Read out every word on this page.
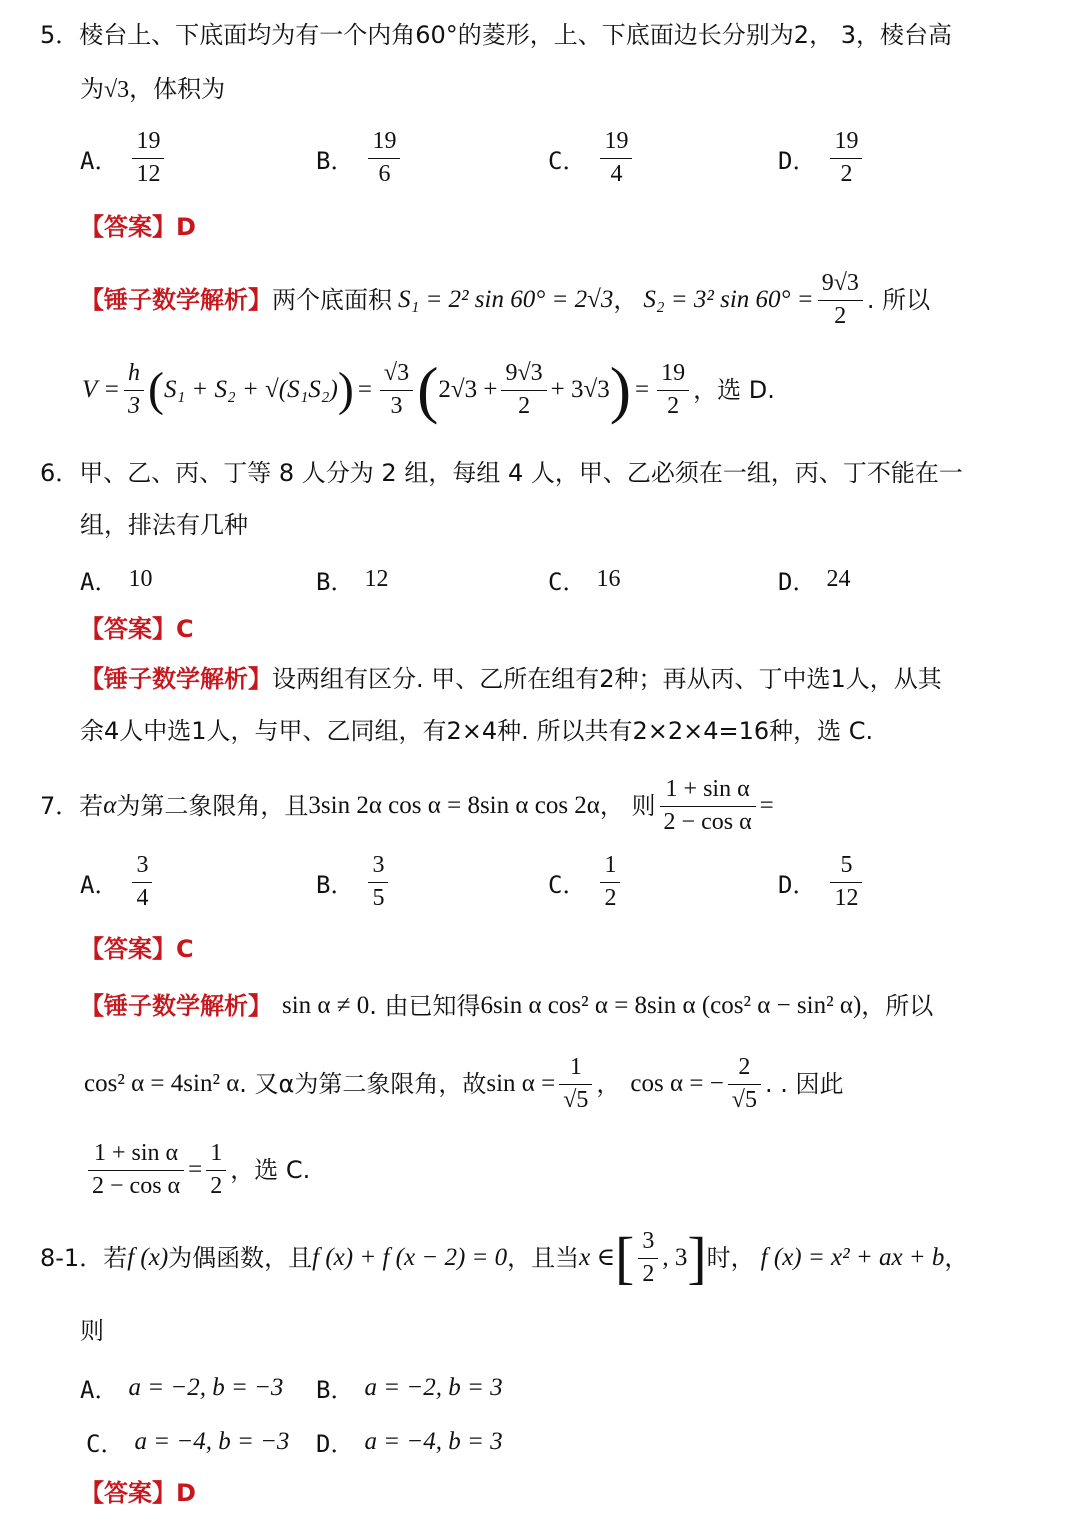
5．棱台上、下底面均为有一个内角60°的菱形，上、下底面边长分别为2， 3，棱台高
为√3，体积为
A． $\frac{19}{12}$	B． $\frac{19}{6}$	C． $\frac{19}{4}$	D． $\frac{19}{2}$
【答案】D
【锤子数学解析】 两个底面积 S₁ = 2² sin 60° = 2√3 ， S₂ = 3² $\sin 60^\circ = \frac{9√3}{2}$ . 所以
$V = \frac{h}{3}$ ( S₁ + S₂ + √(S₁S₂) ) = $\frac{√3}{3}$ ( $2√3 + \frac{9√3}{2} + 3√3$ ) = $\frac{19}{2}$ ，选 D.
6．甲、乙、丙、丁等 8 人分为 2 组，每组 4 人，甲、乙必须在一组，丙、丁不能在一
组，排法有几种
A． 10	B． 12	C． 16	D． 24
【答案】C
【锤子数学解析】设两组有区分. 甲、乙所在组有2种；再从丙、丁中选1人，从其
余4人中选1人，与甲、乙同组，有2×4种. 所以共有2×2×4=16种，选 C.
7．若 α 为第二象限角，且 3sin 2α cos α = 8sin α cos 2α ， 则 $\frac{\text{1 + sin α}}{\text{2 − cos α}}$ =
A． $\frac{3}{4}$	B． $\frac{3}{5}$	C． $\frac{1}{2}$	D． $\frac{5}{12}$
【答案】C
【锤子数学解析】 sin α ≠ 0 . 由已知得 6sin α cos² α = 8sin α (cos² α − sin² α) ，所以
cos² α = 4sin² α . 又α为第二象限角，故 $\sin \alpha = \frac{1}{√5}$ ， cos α = − $\frac{2}{√5}$ . . 因此
$\frac{\text{1 + sin α}}{\text{2 − cos α}} = \frac{1}{2}$ ，选 C.
8-1．若 f (x) 为偶函数，且 f (x) + f (x − 2) = 0 ，且当 x ∈ [ $\frac{3}{2}$ , 3 ] 时， f (x) = x² + ax + b ，
则
A． a = −2, b = −3 B． a = −2, b = 3
C． a = −4, b = −3 D． a = −4, b = 3
【答案】D
